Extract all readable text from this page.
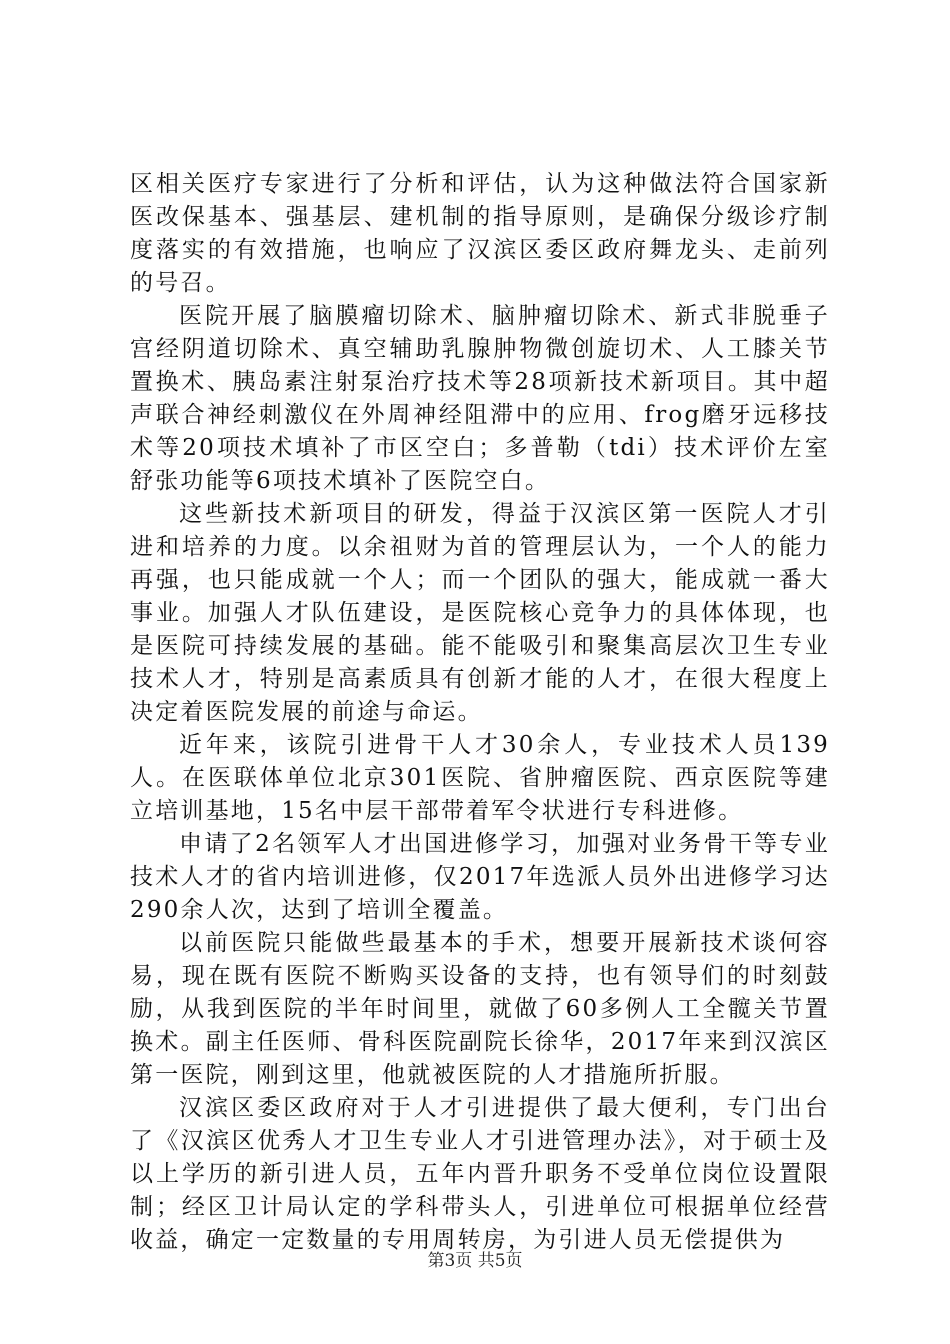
区相关医疗专家进行了分析和评估，认为这种做法符合国家新医改保基本、强基层、建机制的指导原则，是确保分级诊疗制度落实的有效措施，也响应了汉滨区委区政府舞龙头、走前列的号召。

医院开展了脑膜瘤切除术、脑肿瘤切除术、新式非脱垂子宫经阴道切除术、真空辅助乳腺肿物微创旋切术、人工膝关节置换术、胰岛素注射泵治疗技术等28项新技术新项目。其中超声联合神经刺激仪在外周神经阻滞中的应用、frog磨牙远移技术等20项技术填补了市区空白；多普勒（tdi）技术评价左室舒张功能等6项技术填补了医院空白。

这些新技术新项目的研发，得益于汉滨区第一医院人才引进和培养的力度。以余祖财为首的管理层认为，一个人的能力再强，也只能成就一个人；而一个团队的强大，能成就一番大事业。加强人才队伍建设，是医院核心竞争力的具体体现，也是医院可持续发展的基础。能不能吸引和聚集高层次卫生专业技术人才，特别是高素质具有创新才能的人才，在很大程度上决定着医院发展的前途与命运。

近年来，该院引进骨干人才30余人，专业技术人员139人。在医联体单位北京301医院、省肿瘤医院、西京医院等建立培训基地，15名中层干部带着军令状进行专科进修。

申请了2名领军人才出国进修学习，加强对业务骨干等专业技术人才的省内培训进修，仅2017年选派人员外出进修学习达290余人次，达到了培训全覆盖。

以前医院只能做些最基本的手术，想要开展新技术谈何容易，现在既有医院不断购买设备的支持，也有领导们的时刻鼓励，从我到医院的半年时间里，就做了60多例人工全髋关节置换术。副主任医师、骨科医院副院长徐华，2017年来到汉滨区第一医院，刚到这里，他就被医院的人才措施所折服。

汉滨区委区政府对于人才引进提供了最大便利，专门出台了《汉滨区优秀人才卫生专业人才引进管理办法》，对于硕士及以上学历的新引进人员，五年内晋升职务不受单位岗位设置限制；经区卫计局认定的学科带头人，引进单位可根据单位经营收益，确定一定数量的专用周转房，为引进人员无偿提供为

第3页 共5页
